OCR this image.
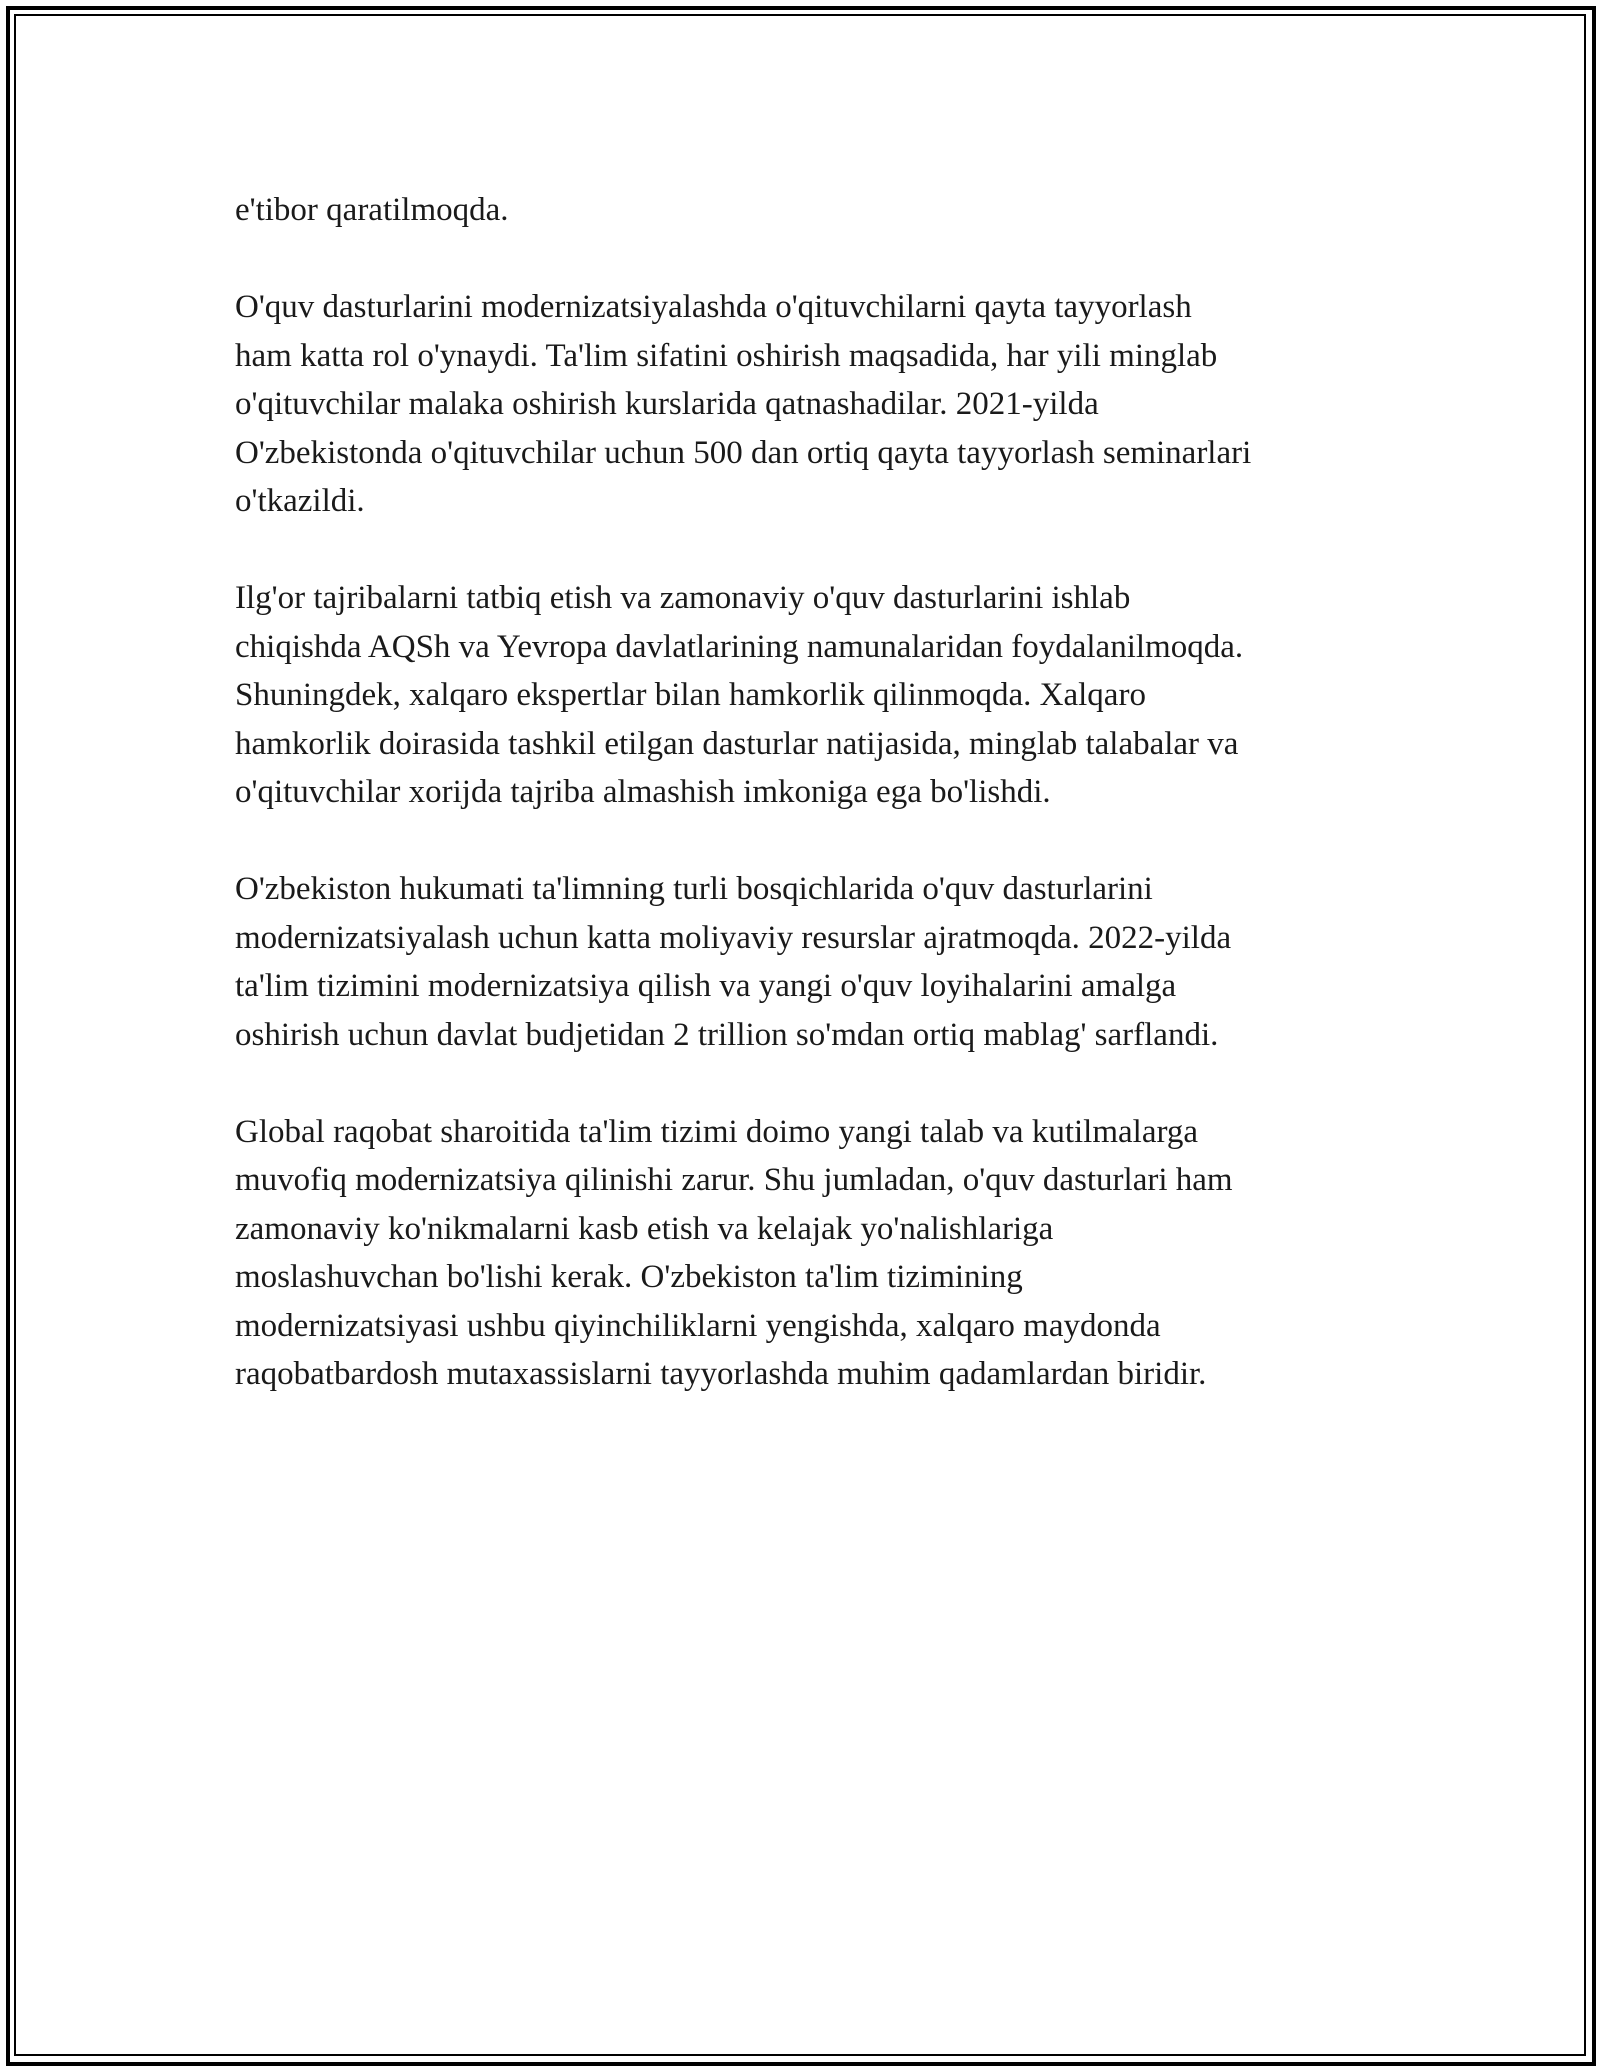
e'tibor qaratilmoqda.

O'quv dasturlarini modernizatsiyalashda o'qituvchilarni qayta tayyorlash
ham katta rol o'ynaydi. Ta'lim sifatini oshirish maqsadida, har yili minglab
o'qituvchilar malaka oshirish kurslarida qatnashadilar. 2021-yilda
O'zbekistonda o'qituvchilar uchun 500 dan ortiq qayta tayyorlash seminarlari
o'tkazildi.

Ilg'or tajribalarni tatbiq etish va zamonaviy o'quv dasturlarini ishlab
chiqishda AQSh va Yevropa davlatlarining namunalaridan foydalanilmoqda.
Shuningdek, xalqaro ekspertlar bilan hamkorlik qilinmoqda. Xalqaro
hamkorlik doirasida tashkil etilgan dasturlar natijasida, minglab talabalar va
o'qituvchilar xorijda tajriba almashish imkoniga ega bo'lishdi.

O'zbekiston hukumati ta'limning turli bosqichlarida o'quv dasturlarini
modernizatsiyalash uchun katta moliyaviy resurslar ajratmoqda. 2022-yilda
ta'lim tizimini modernizatsiya qilish va yangi o'quv loyihalarini amalga
oshirish uchun davlat budjetidan 2 trillion so'mdan ortiq mablag' sarflandi.

Global raqobat sharoitida ta'lim tizimi doimo yangi talab va kutilmalarga
muvofiq modernizatsiya qilinishi zarur. Shu jumladan, o'quv dasturlari ham
zamonaviy ko'nikmalarni kasb etish va kelajak yo'nalishlariga
moslashuvchan bo'lishi kerak. O'zbekiston ta'lim tizimining
modernizatsiyasi ushbu qiyinchiliklarni yengishda, xalqaro maydonda
raqobatbardosh mutaxassislarni tayyorlashda muhim qadamlardan biridir.
